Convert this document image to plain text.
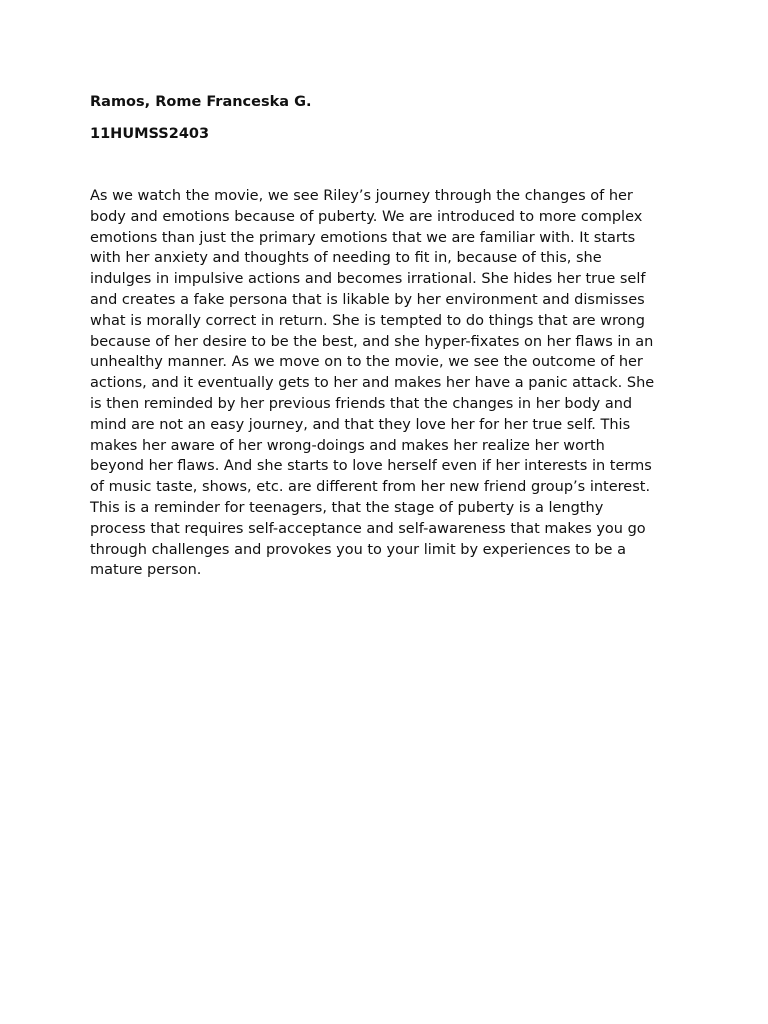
Ramos, Rome Franceska G.

11HUMSS2403

As we watch the movie, we see Riley’s journey through the changes of her
body and emotions because of puberty. We are introduced to more complex
emotions than just the primary emotions that we are familiar with. It starts
with her anxiety and thoughts of needing to fit in, because of this, she
indulges in impulsive actions and becomes irrational. She hides her true self
and creates a fake persona that is likable by her environment and dismisses
what is morally correct in return. She is tempted to do things that are wrong
because of her desire to be the best, and she hyper-fixates on her flaws in an
unhealthy manner. As we move on to the movie, we see the outcome of her
actions, and it eventually gets to her and makes her have a panic attack. She
is then reminded by her previous friends that the changes in her body and
mind are not an easy journey, and that they love her for her true self. This
makes her aware of her wrong-doings and makes her realize her worth
beyond her flaws. And she starts to love herself even if her interests in terms
of music taste, shows, etc. are different from her new friend group’s interest.
This is a reminder for teenagers, that the stage of puberty is a lengthy
process that requires self-acceptance and self-awareness that makes you go
through challenges and provokes you to your limit by experiences to be a
mature person.
